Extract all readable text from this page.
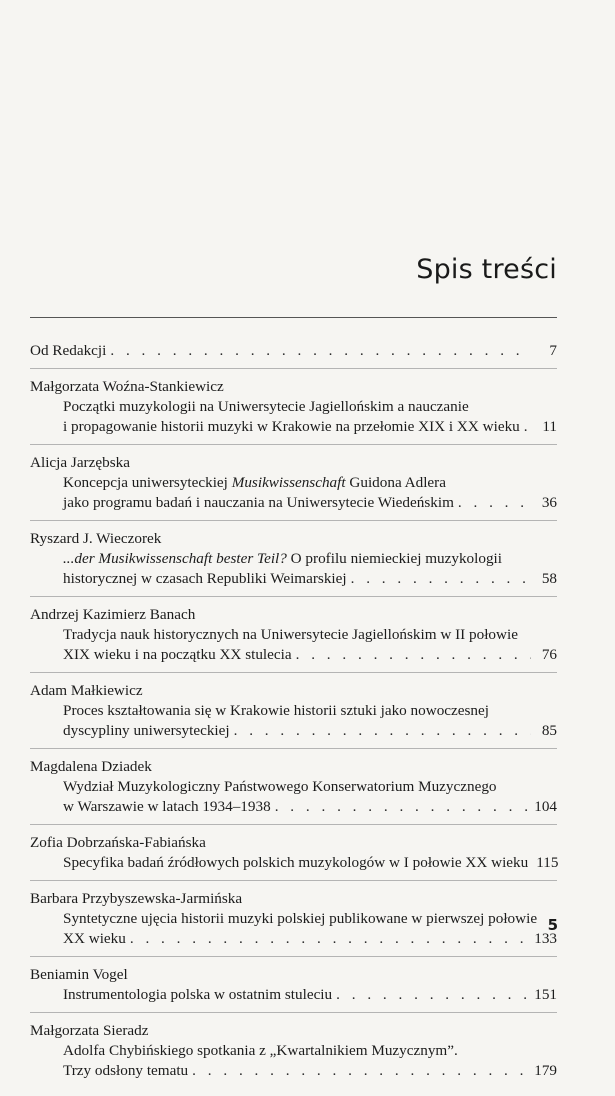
Spis treści
Od Redakcji . . .	7
Małgorzata Woźna-Stankiewicz
Początki muzykologii na Uniwersytecie Jagiellońskim a nauczanie
i propagowanie historii muzyki w Krakowie na przełomie XIX i XX wieku . . .	11
Alicja Jarzębska
Koncepcja uniwersyteckiej Musikwissenschaft Guidona Adlera
jako programu badań i nauczania na Uniwersytecie Wiedeńskim . . .	36
Ryszard J. Wieczorek
...der Musikwissenschaft bester Teil? O profilu niemieckiej muzykologii
historycznej w czasach Republiki Weimarskiej . . .	58
Andrzej Kazimierz Banach
Tradycja nauk historycznych na Uniwersytecie Jagiellońskim w II połowie
XIX wieku i na początku XX stulecia . . .	76
Adam Małkiewicz
Proces kształtowania się w Krakowie historii sztuki jako nowoczesnej
dyscypliny uniwersyteckiej . . .	85
Magdalena Dziadek
Wydział Muzykologiczny Państwowego Konserwatorium Muzycznego
w Warszawie w latach 1934–1938 . . .	104
Zofia Dobrzańska-Fabiańska
Specyfika badań źródłowych polskich muzykologów w I połowie XX wieku 115
Barbara Przybyszewska-Jarmińska
Syntetyczne ujęcia historii muzyki polskiej publikowane w pierwszej połowie
XX wieku . . .	133
Beniamin Vogel
Instrumentologia polska w ostatnim stuleciu . . .	151
Małgorzata Sieradz
Adolfa Chybińskiego spotkania z „Kwartalnikiem Muzycznym”.
Trzy odsłony tematu . . .	179
5
